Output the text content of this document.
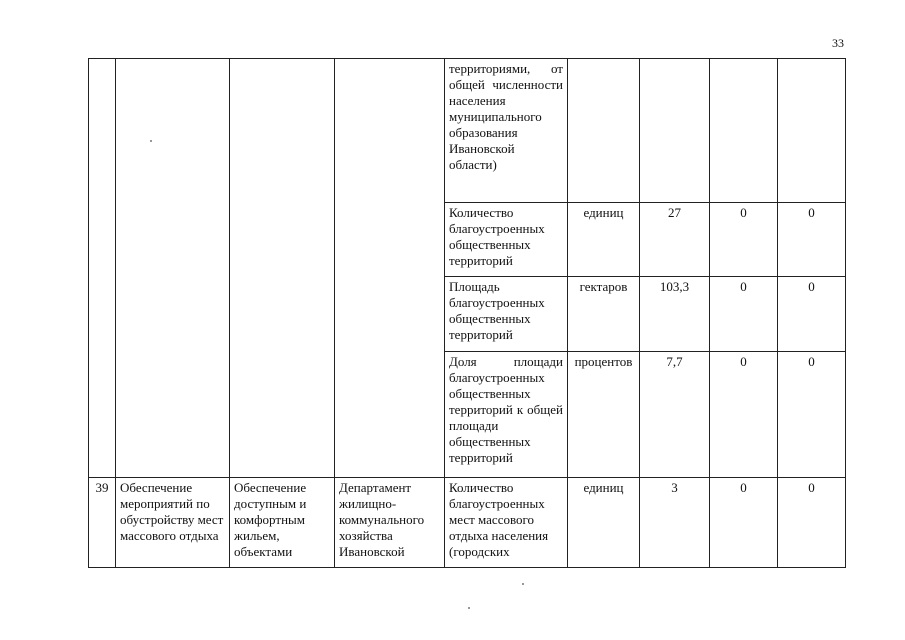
33
				территориями, от общей численности населения муниципального образования Ивановской области)				
				Количество благоустроенных общественных территорий	единиц	27	0	0
				Площадь благоустроенных общественных территорий	гектаров	103,3	0	0
				Доля площади благоустроенных общественных территорий к общей площади общественных территорий	процентов	7,7	0	0
39	Обеспечение мероприятий по обустройству мест массового отдыха	Обеспечение доступным и комфортным жильем, объектами	Департамент жилищно-коммунального хозяйства Ивановской	Количество благоустроенных мест массового отдыха населения (городских	единиц	3	0	0
